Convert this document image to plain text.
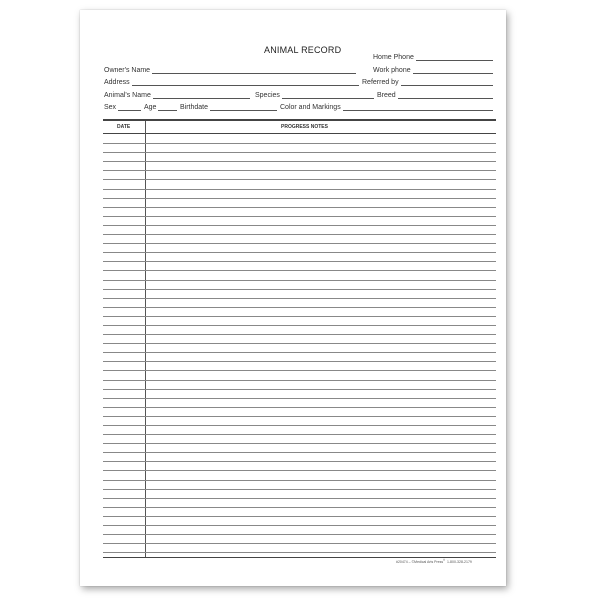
ANIMAL RECORD
Home Phone
Owner's Name	Work phone
Address	Referred by
Animal's Name	Species	Breed
Sex	Age	Birthdate	Color and Markings
DATE	PROGRESS NOTES
#20474 – ©Medical Arts Press® 1-800-328-2179
